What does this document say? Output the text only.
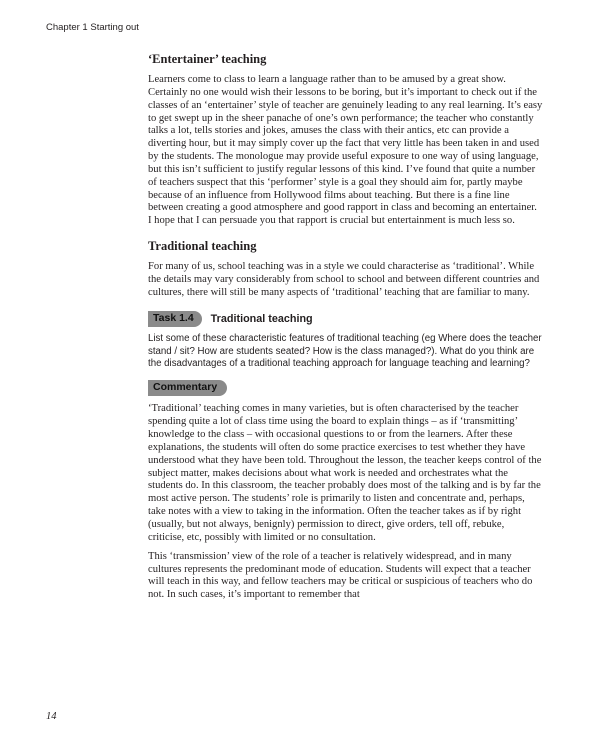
Chapter 1 Starting out

‘Entertainer’ teaching

Learners come to class to learn a language rather than to be amused by a great show. Certainly no one would wish their lessons to be boring, but it’s important to check out if the classes of an ‘entertainer’ style of teacher are genuinely leading to any real learning. It’s easy to get swept up in the sheer panache of one’s own performance; the teacher who constantly talks a lot, tells stories and jokes, amuses the class with their antics, etc can provide a diverting hour, but it may simply cover up the fact that very little has been taken in and used by the students. The monologue may provide useful exposure to one way of using language, but this isn’t sufficient to justify regular lessons of this kind. I’ve found that quite a number of teachers suspect that this ‘performer’ style is a goal they should aim for, partly maybe because of an influence from Hollywood films about teaching. But there is a fine line between creating a good atmosphere and good rapport in class and becoming an entertainer. I hope that I can persuade you that rapport is crucial but entertainment is much less so.

Traditional teaching

For many of us, school teaching was in a style we could characterise as ‘traditional’. While the details may vary considerably from school to school and between different countries and cultures, there will still be many aspects of ‘traditional’ teaching that are familiar to many.

Task 1.4	Traditional teaching

List some of these characteristic features of traditional teaching (eg Where does the teacher stand / sit? How are students seated? How is the class managed?). What do you think are the disadvantages of a traditional teaching approach for language teaching and learning?

Commentary

‘Traditional’ teaching comes in many varieties, but is often characterised by the teacher spending quite a lot of class time using the board to explain things – as if ‘transmitting’ knowledge to the class – with occasional questions to or from the learners. After these explanations, the students will often do some practice exercises to test whether they have understood what they have been told. Throughout the lesson, the teacher keeps control of the subject matter, makes decisions about what work is needed and orchestrates what the students do. In this classroom, the teacher probably does most of the talking and is by far the most active person. The students’ role is primarily to listen and concentrate and, perhaps, take notes with a view to taking in the information. Often the teacher takes as if by right (usually, but not always, benignly) permission to direct, give orders, tell off, rebuke, criticise, etc, possibly with limited or no consultation.

This ‘transmission’ view of the role of a teacher is relatively widespread, and in many cultures represents the predominant mode of education. Students will expect that a teacher will teach in this way, and fellow teachers may be critical or suspicious of teachers who do not. In such cases, it’s important to remember that

14
